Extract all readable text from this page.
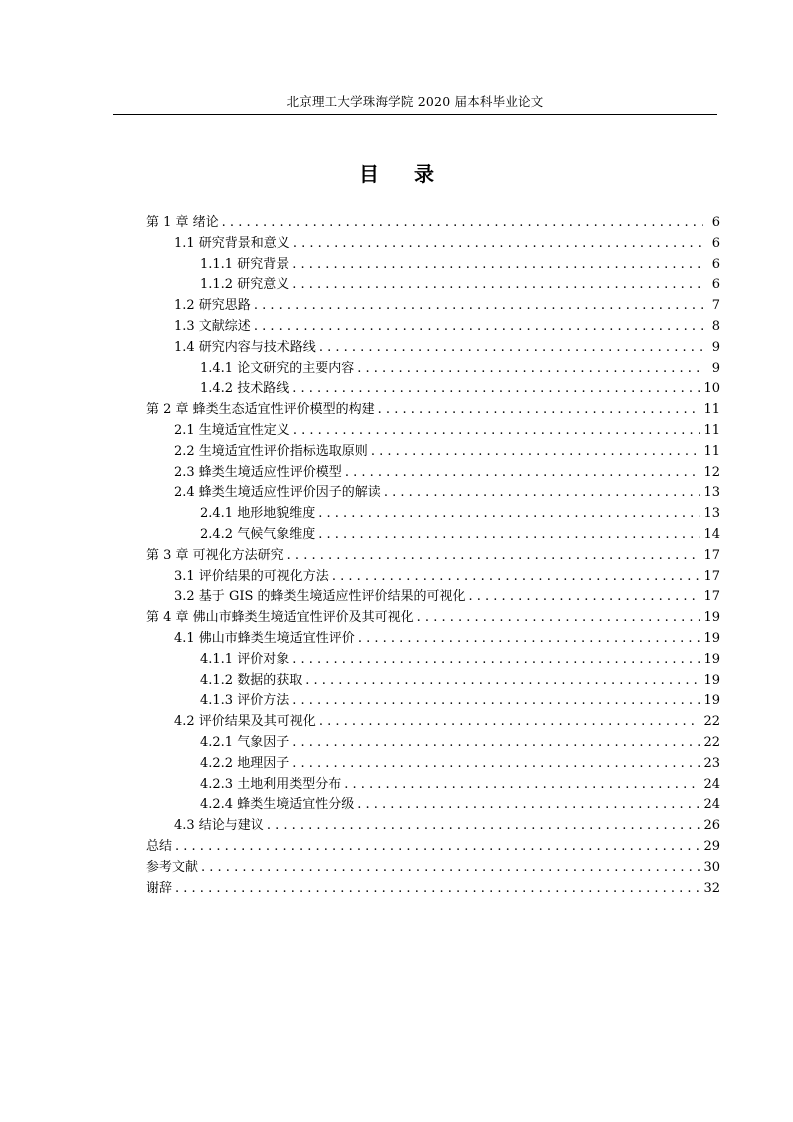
北京理工大学珠海学院 2020 届本科毕业论文
目 录
第 1 章 绪论 . . .	6
1.1 研究背景和意义 . . .	6
1.1.1 研究背景 . . .	6
1.1.2 研究意义 . . .	6
1.2 研究思路 . . .	7
1.3 文献综述 . . .	8
1.4 研究内容与技术路线 . . .	9
1.4.1 论文研究的主要内容 . . .	9
1.4.2 技术路线 . . .	10
第 2 章 蜂类生态适宜性评价模型的构建 . . .	11
2.1 生境适宜性定义 . . .	11
2.2 生境适宜性评价指标选取原则 . . .	11
2.3 蜂类生境适应性评价模型 . . .	12
2.4 蜂类生境适应性评价因子的解读 . . .	13
2.4.1 地形地貌维度 . . .	13
2.4.2 气候气象维度 . . .	14
第 3 章 可视化方法研究 . . .	17
3.1 评价结果的可视化方法 . . .	17
3.2 基于 GIS 的蜂类生境适应性评价结果的可视化 . . .	17
第 4 章 佛山市蜂类生境适宜性评价及其可视化 . . .	19
4.1 佛山市蜂类生境适宜性评价 . . .	19
4.1.1 评价对象 . . .	19
4.1.2 数据的获取 . . .	19
4.1.3 评价方法 . . .	19
4.2 评价结果及其可视化 . . .	22
4.2.1 气象因子 . . .	22
4.2.2 地理因子 . . .	23
4.2.3 土地利用类型分布 . . .	24
4.2.4 蜂类生境适宜性分级 . . .	24
4.3 结论与建议 . . .	26
总结 . . .	29
参考文献 . . .	30
谢辞 . . .	32
